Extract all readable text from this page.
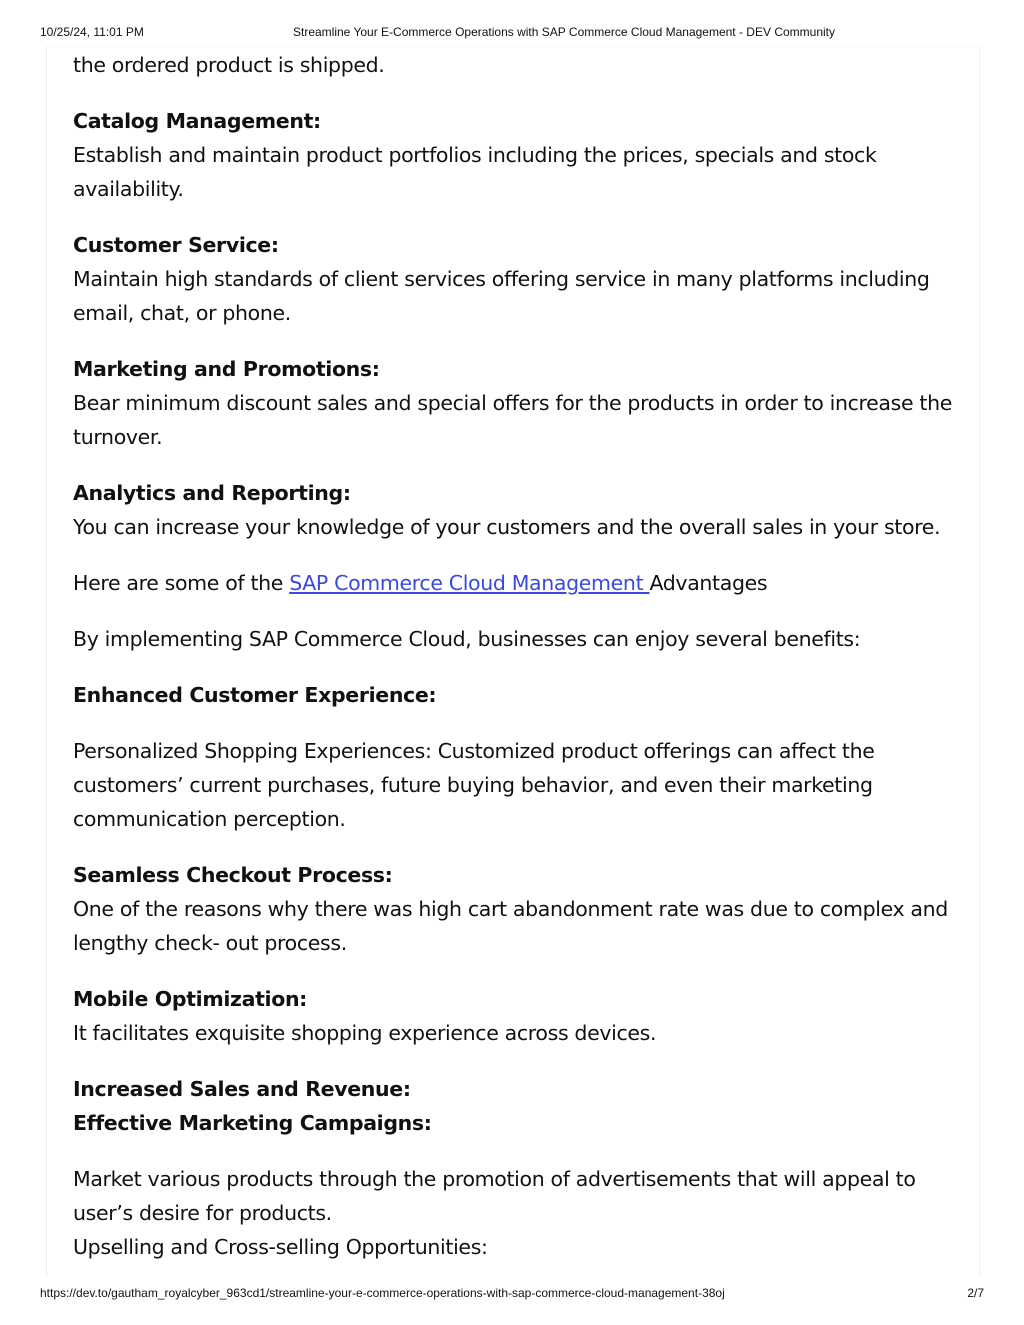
10/25/24, 11:01 PM	Streamline Your E-Commerce Operations with SAP Commerce Cloud Management - DEV Community

the ordered product is shipped.

Catalog Management:
Establish and maintain product portfolios including the prices, specials and stock availability.

Customer Service:
Maintain high standards of client services offering service in many platforms including email, chat, or phone.

Marketing and Promotions:
Bear minimum discount sales and special offers for the products in order to increase the turnover.

Analytics and Reporting:
You can increase your knowledge of your customers and the overall sales in your store.

Here are some of the SAP Commerce Cloud Management Advantages

By implementing SAP Commerce Cloud, businesses can enjoy several benefits:

Enhanced Customer Experience:

Personalized Shopping Experiences: Customized product offerings can affect the customers’ current purchases, future buying behavior, and even their marketing communication perception.

Seamless Checkout Process:
One of the reasons why there was high cart abandonment rate was due to complex and lengthy check- out process.

Mobile Optimization:
It facilitates exquisite shopping experience across devices.

Increased Sales and Revenue:
Effective Marketing Campaigns:

Market various products through the promotion of advertisements that will appeal to user’s desire for products.
Upselling and Cross-selling Opportunities:

https://dev.to/gautham_royalcyber_963cd1/streamline-your-e-commerce-operations-with-sap-commerce-cloud-management-38oj	2/7
